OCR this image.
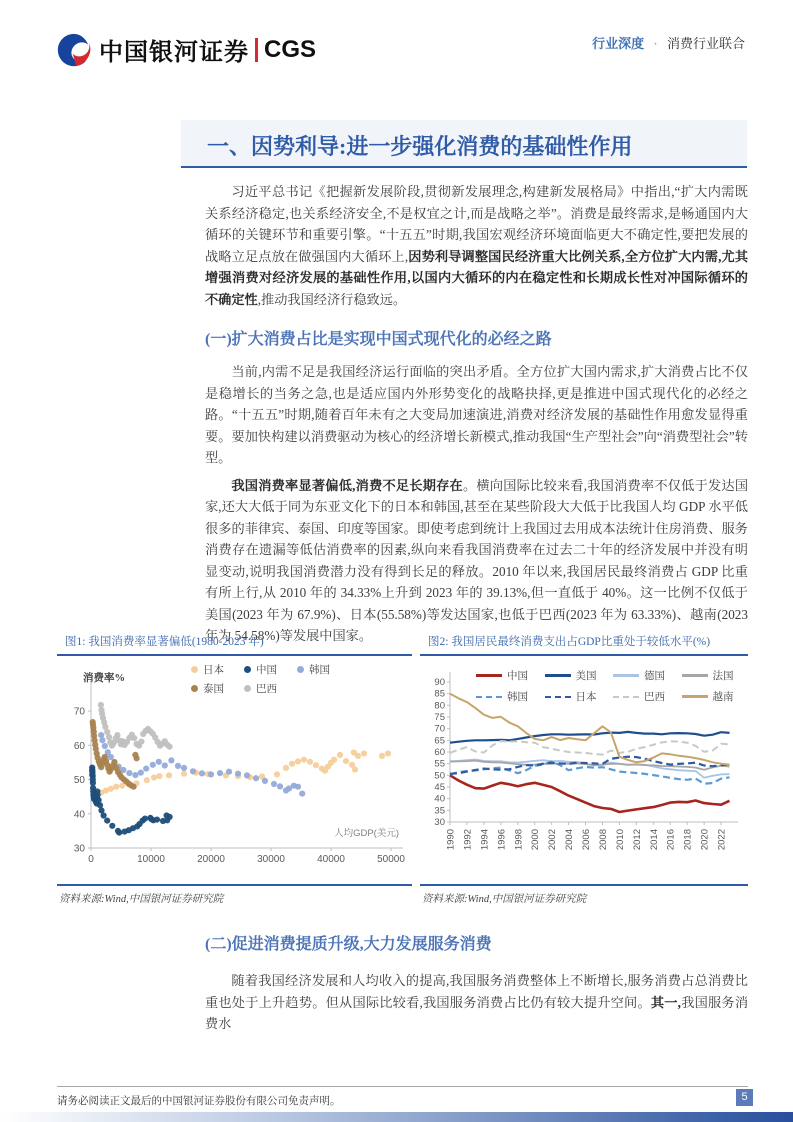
中国银河证券 CGS	行业深度 · 消费行业联合
一、因势利导:进一步强化消费的基础性作用

习近平总书记《把握新发展阶段,贯彻新发展理念,构建新发展格局》中指出,“扩大内需既关系经济稳定,也关系经济安全,不是权宜之计,而是战略之举”。消费是最终需求,是畅通国内大循环的关键环节和重要引擎。“十五五”时期,我国宏观经济环境面临更大不确定性,要把发展的战略立足点放在做强国内大循环上,因势利导调整国民经济重大比例关系,全方位扩大内需,尤其增强消费对经济发展的基础性作用,以国内大循环的内在稳定性和长期成长性对冲国际循环的不确定性,推动我国经济行稳致远。

(一)扩大消费占比是实现中国式现代化的必经之路

当前,内需不足是我国经济运行面临的突出矛盾。全方位扩大国内需求,扩大消费占比不仅是稳增长的当务之急,也是适应国内外形势变化的战略抉择,更是推进中国式现代化的必经之路。“十五五”时期,随着百年未有之大变局加速演进,消费对经济发展的基础性作用愈发显得重要。要加快构建以消费驱动为核心的经济增长新模式,推动我国“生产型社会”向“消费型社会”转型。

我国消费率显著偏低,消费不足长期存在。横向国际比较来看,我国消费率不仅低于发达国家,还大大低于同为东亚文化下的日本和韩国,甚至在某些阶段大大低于比我国人均 GDP 水平低很多的菲律宾、泰国、印度等国家。即使考虑到统计上我国过去用成本法统计住房消费、服务消费存在遗漏等低估消费率的因素,纵向来看我国消费率在过去二十年的经济发展中并没有明显变动,说明我国消费潜力没有得到长足的释放。2010 年以来,我国居民最终消费占 GDP 比重有所上行,从 2010 年的 34.33%上升到 2023 年的 39.13%,但一直低于 40%。这一比例不仅低于美国(2023 年为 67.9%)、日本(55.58%)等发达国家,也低于巴西(2023 年为 63.33%)、越南(2023 年为 54.58%)等发展中国家。

图1: 我国消费率显著偏低(1980-2023 年)
消费率%
日本	中国	韩国
泰国	巴西
30
40
50
60
70
0	10000	20000	30000	40000	50000
人均GDP(美元)
资料来源:Wind,中国银河证券研究院
图2: 我国居民最终消费支出占GDP比重处于较低水平(%)
中国	美国	德国	法国
韩国	日本	巴西	越南
30
35
40
45
50
55
60
65
70
75
80
85
90
1990 1992 1994 1996 1998 2000 2002 2004 2006 2008 2010 2012 2014 2016 2018 2020 2022
资料来源:Wind,中国银河证券研究院
(二)促进消费提质升级,大力发展服务消费

随着我国经济发展和人均收入的提高,我国服务消费整体上不断增长,服务消费占总消费比重也处于上升趋势。但从国际比较看,我国服务消费占比仍有较大提升空间。其一,我国服务消费水

请务必阅读正文最后的中国银河证券股份有限公司免责声明。	5
